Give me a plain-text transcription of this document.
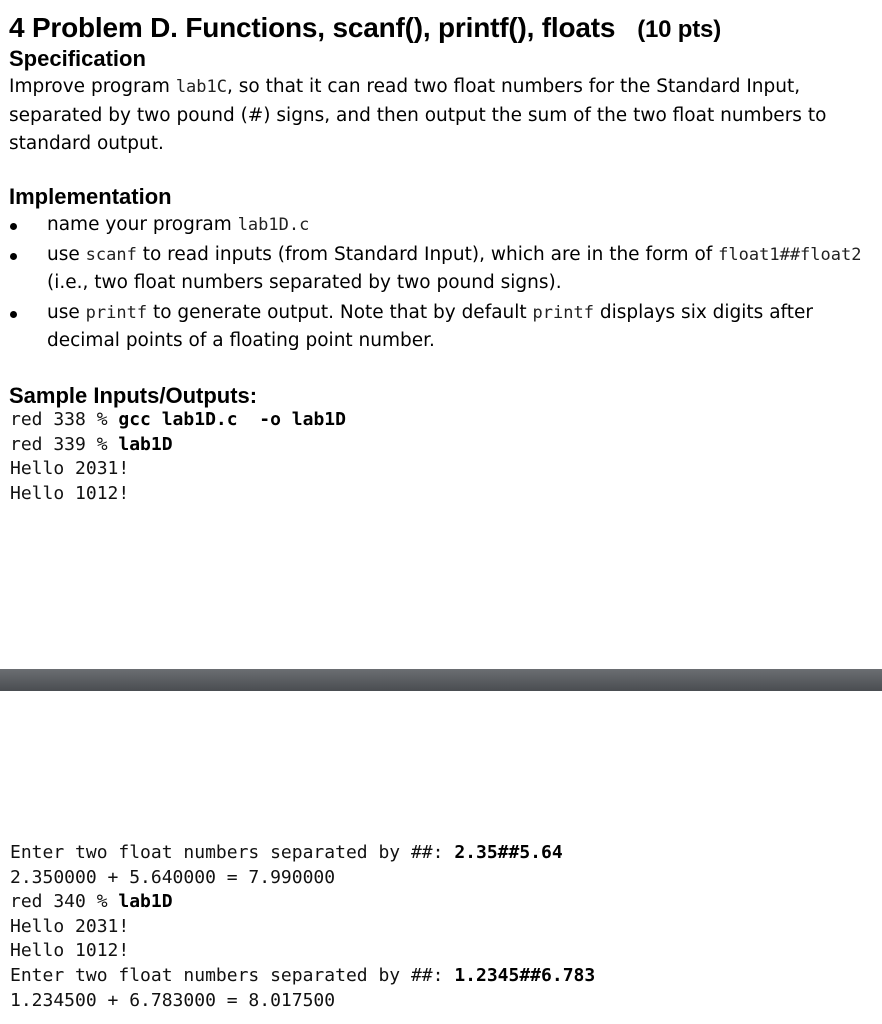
4 Problem D. Functions, scanf(), printf(), floats (10 pts)
Specification
Improve program lab1C, so that it can read two float numbers for the Standard Input, separated by two pound (#) signs, and then output the sum of the two float numbers to standard output.
Implementation
name your program lab1D.c
use scanf to read inputs (from Standard Input), which are in the form of float1##float2 (i.e., two float numbers separated by two pound signs).
use printf to generate output. Note that by default printf displays six digits after decimal points of a floating point number.
Sample Inputs/Outputs:
red 338 % gcc lab1D.c  -o lab1D
red 339 % lab1D
Hello 2031!
Hello 1012!
Enter two float numbers separated by ##: 2.35##5.64
2.350000 + 5.640000 = 7.990000
red 340 % lab1D
Hello 2031!
Hello 1012!
Enter two float numbers separated by ##: 1.2345##6.783
1.234500 + 6.783000 = 8.017500
